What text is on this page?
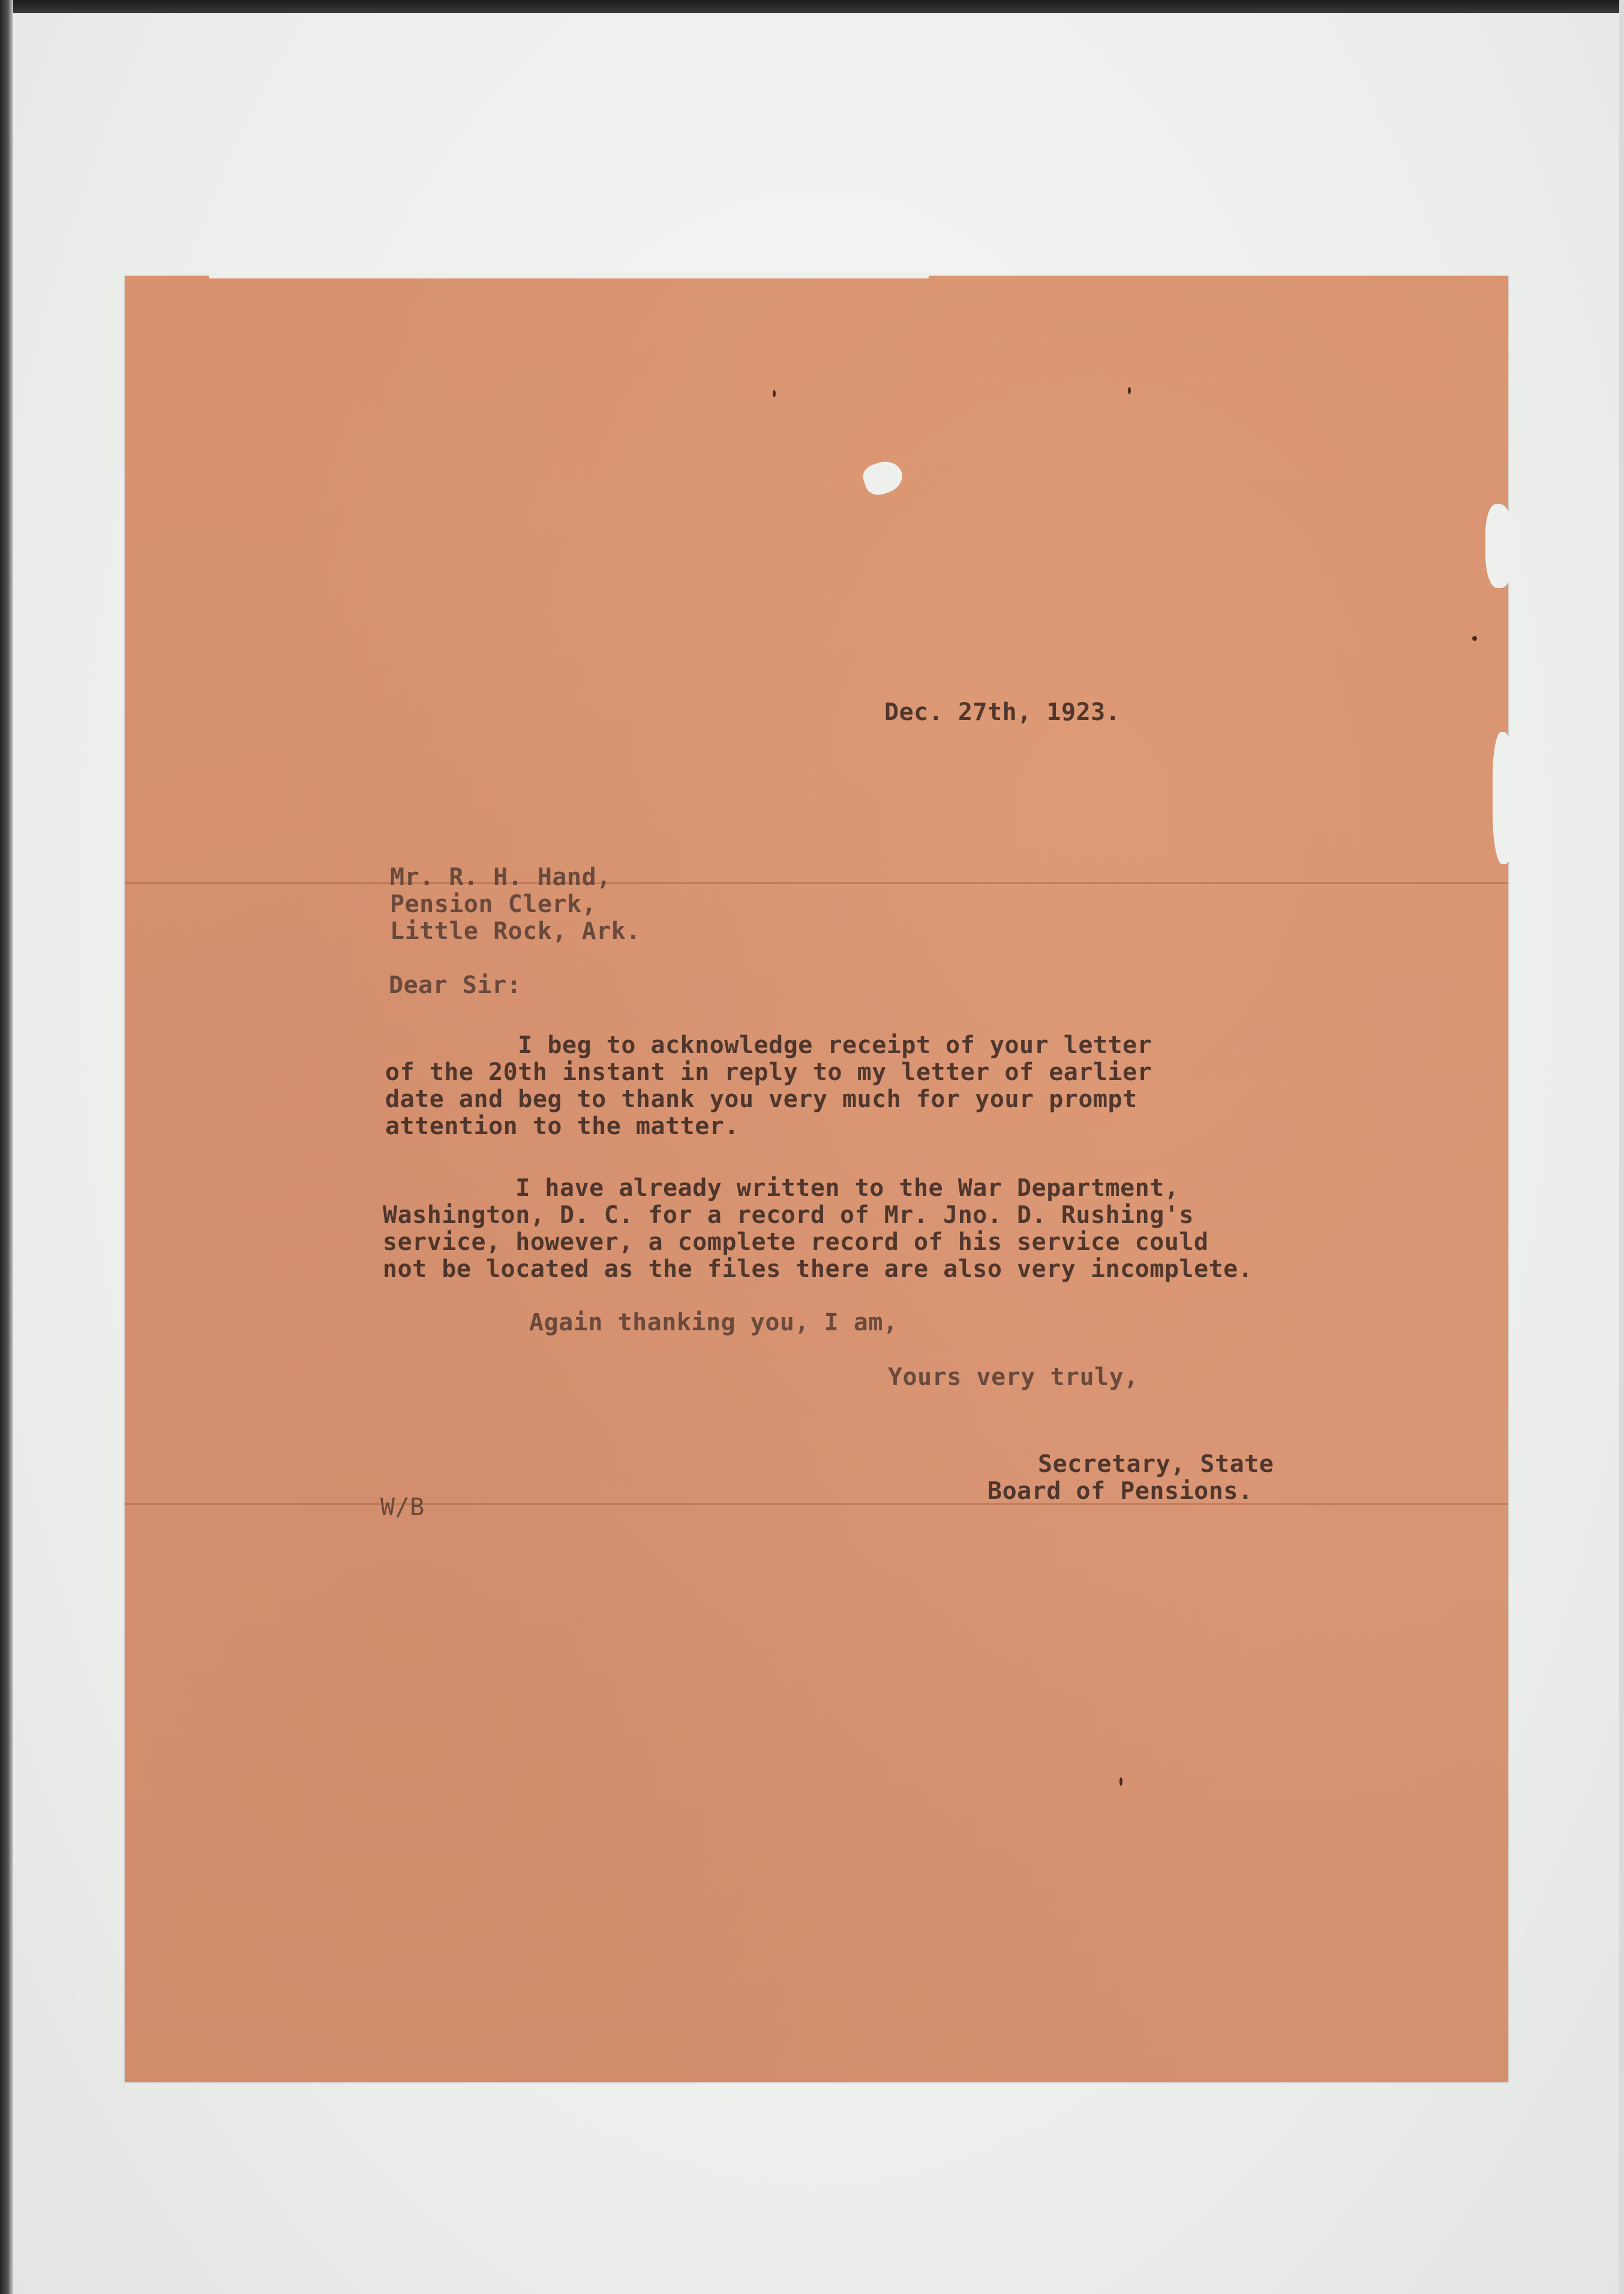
Dec. 27th, 1923.
Mr. R. H. Hand,
Pension Clerk,
Little Rock, Ark.
Dear Sir:
I beg to acknowledge receipt of your letter
of the 20th instant in reply to my letter of earlier
date and beg to thank you very much for your prompt
attention to the matter.
I have already written to the War Department,
Washington, D. C. for a record of Mr. Jno. D. Rushing's
service, however, a complete record of his service could
not be located as the files there are also very incomplete.
Again thanking you, I am,
Yours very truly,
Secretary, State
Board of Pensions.
W/B
